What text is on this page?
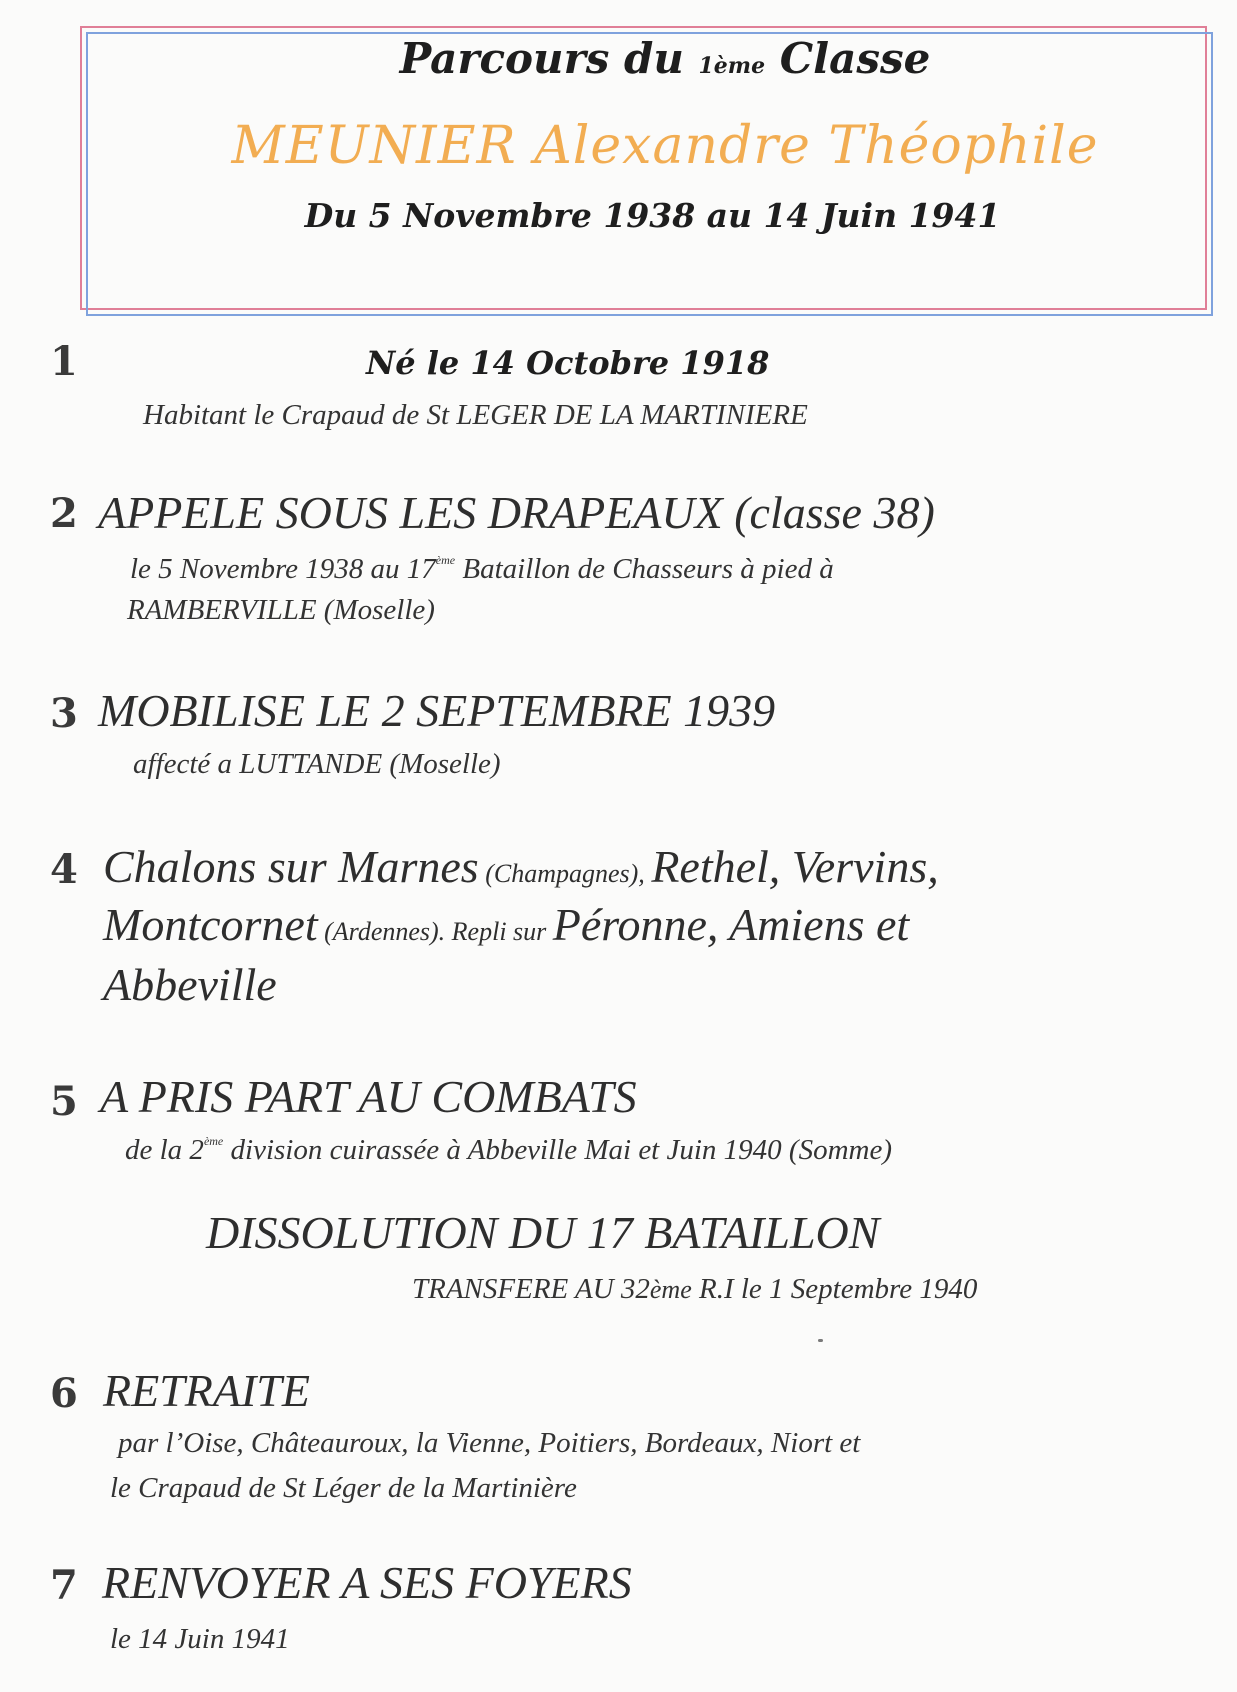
Parcours du 1ème Classe
MEUNIER Alexandre Théophile
Du 5 Novembre 1938 au 14 Juin 1941
1	Né le 14 Octobre 1918
Habitant le Crapaud de St LEGER DE LA MARTINIERE
2 APPELE SOUS LES DRAPEAUX (classe 38)
le 5 Novembre 1938 au 17ème Bataillon de Chasseurs à pied à
RAMBERVILLE (Moselle)
3 MOBILISE LE 2 SEPTEMBRE 1939
affecté a LUTTANDE (Moselle)
4 Chalons sur Marnes (Champagnes), Rethel, Vervins,
Montcornet (Ardennes). Repli sur Péronne, Amiens et
Abbeville
5 A PRIS PART AU COMBATS
de la 2ème division cuirassée à Abbeville Mai et Juin 1940 (Somme)
DISSOLUTION DU 17 BATAILLON
TRANSFERE AU 32ème R.I le 1 Septembre 1940
6 RETRAITE
par l’Oise, Châteauroux, la Vienne, Poitiers, Bordeaux, Niort et
le Crapaud de St Léger de la Martinière
7 RENVOYER A SES FOYERS
le 14 Juin 1941
